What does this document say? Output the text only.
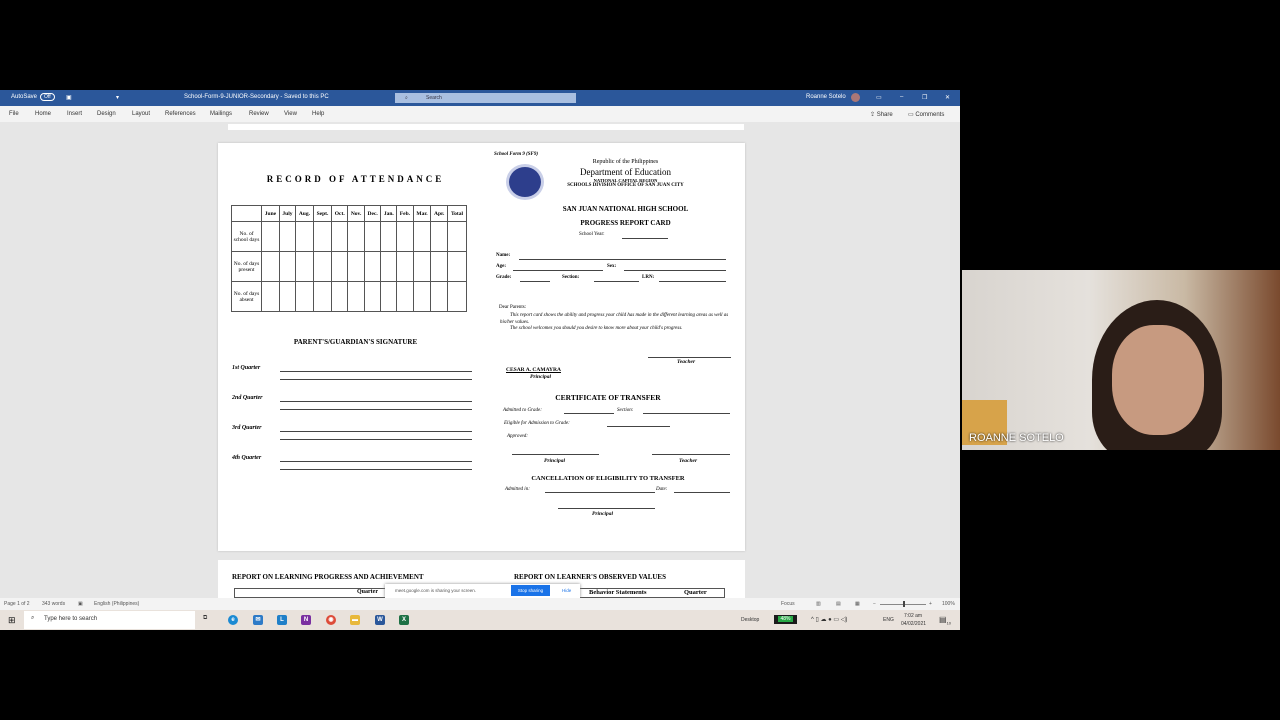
AutoSave	Off	▣	▾	School-Form-9-JUNIOR-Secondary - Saved to this PC	⌕	Search	Roanne Sotelo	▭	–	❐	✕
File	Home	Insert Design	Layout References Mailings	Review	View	Help	⇪ Share	▭ Comments
RECORD OF ATTENDANCE
	June	July	Aug.	Sept.	Oct.	Nov.	Dec.	Jan.	Feb.	Mar.	Apr.	Total
No. of school days												
No. of days present												
No. of days absent												
PARENT'S/GUARDIAN'S SIGNATURE
1st Quarter
2nd Quarter
3rd Quarter
4th Quarter
School Form 9 (SF9)
Republic of the Philippines
Department of Education
NATIONAL CAPITAL REGION
SCHOOLS DIVISION OFFICE OF SAN JUAN CITY
SAN JUAN NATIONAL HIGH SCHOOL
PROGRESS REPORT CARD
School Year:
Name:
Age:	Sex:
Grade:	Section:	LRN:
Dear Parents:
This report card shows the ability and progress your child has made in the different learning areas as well as his/her values.
The school welcomes you should you desire to know more about your child's progress.
Teacher
CESAR A. CAMAYRA
Principal
CERTIFICATE OF TRANSFER
Admitted to Grade:	Section:
Eligible for Admission to Grade:
Approved:
Principal	Teacher
CANCELLATION OF ELIGIBILITY TO TRANSFER
Admitted in:	Date:
Principal
REPORT ON LEARNING PROGRESS AND ACHIEVEMENT	REPORT ON LEARNER'S OBSERVED VALUES
Quarter	Behavior Statements	Quarter
meet.google.com is sharing your screen.	Stop sharing	Hide
Page 1 of 2 343 words	▣ English (Philippines)	Focus	▥	▤	▦	−	+ 100%
⊞	⌕ Type here to search	⧉	e	✉	L	N	◉	▬	W	X	Desktop	48%	^ ▯ ☁ ● ▭ ◁)	ENG
7:02 am
04/02/2021 $▤_{10}$
ROANNE SOTELO
